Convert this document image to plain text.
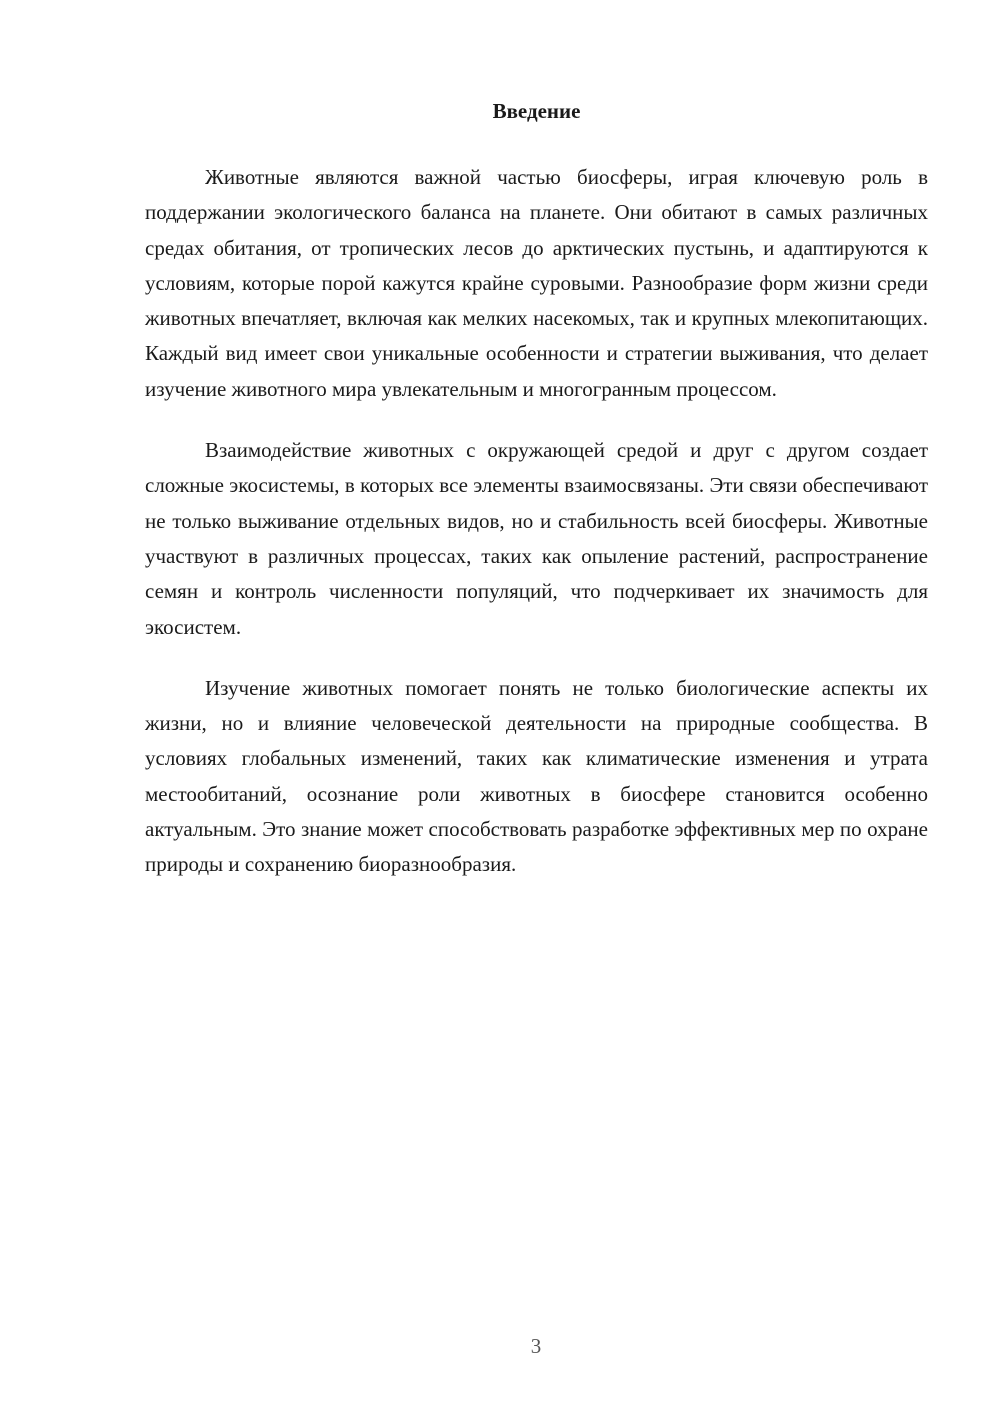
Введение

Животные являются важной частью биосферы, играя ключевую роль в поддержании экологического баланса на планете. Они обитают в самых различных средах обитания, от тропических лесов до арктических пустынь, и адаптируются к условиям, которые порой кажутся крайне суровыми. Разнообразие форм жизни среди животных впечатляет, включая как мелких насекомых, так и крупных млекопитающих. Каждый вид имеет свои уникальные особенности и стратегии выживания, что делает изучение животного мира увлекательным и многогранным процессом.

Взаимодействие животных с окружающей средой и друг с другом создает сложные экосистемы, в которых все элементы взаимосвязаны. Эти связи обеспечивают не только выживание отдельных видов, но и стабильность всей биосферы. Животные участвуют в различных процессах, таких как опыление растений, распространение семян и контроль численности популяций, что подчеркивает их значимость для экосистем.

Изучение животных помогает понять не только биологические аспекты их жизни, но и влияние человеческой деятельности на природные сообщества. В условиях глобальных изменений, таких как климатические изменения и утрата местообитаний, осознание роли животных в биосфере становится особенно актуальным. Это знание может способствовать разработке эффективных мер по охране природы и сохранению биоразнообразия.

3
